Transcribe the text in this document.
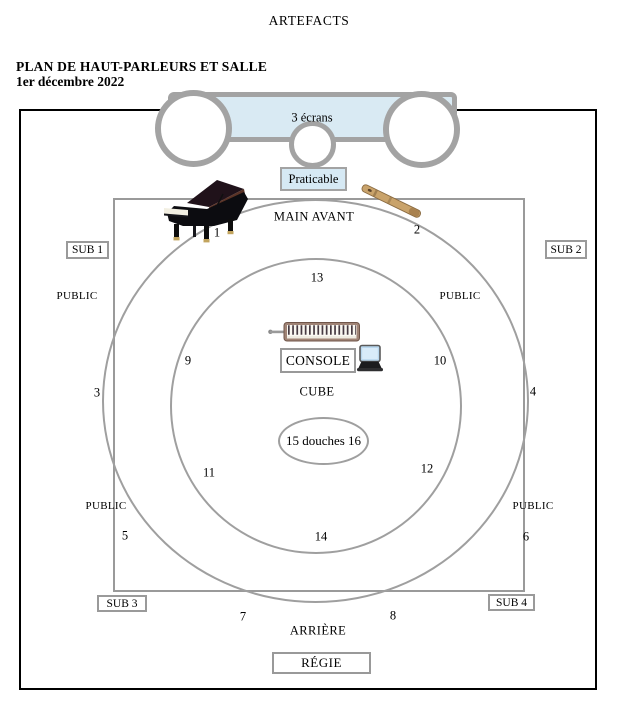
ARTEFACTS
PLAN DE HAUT-PARLEURS ET SALLE
1er décembre 2022
3 écrans
Praticable
CONSOLE
MAIN AVANT
CUBE
ARRIÈRE
15 douches 16
RÉGIE
SUB 1	SUB 2
SUB 3	SUB 4
PUBLIC	PUBLIC
PUBLIC	PUBLIC
1	2
3	4
5	6
7	8
9	10
11	12
13
14
